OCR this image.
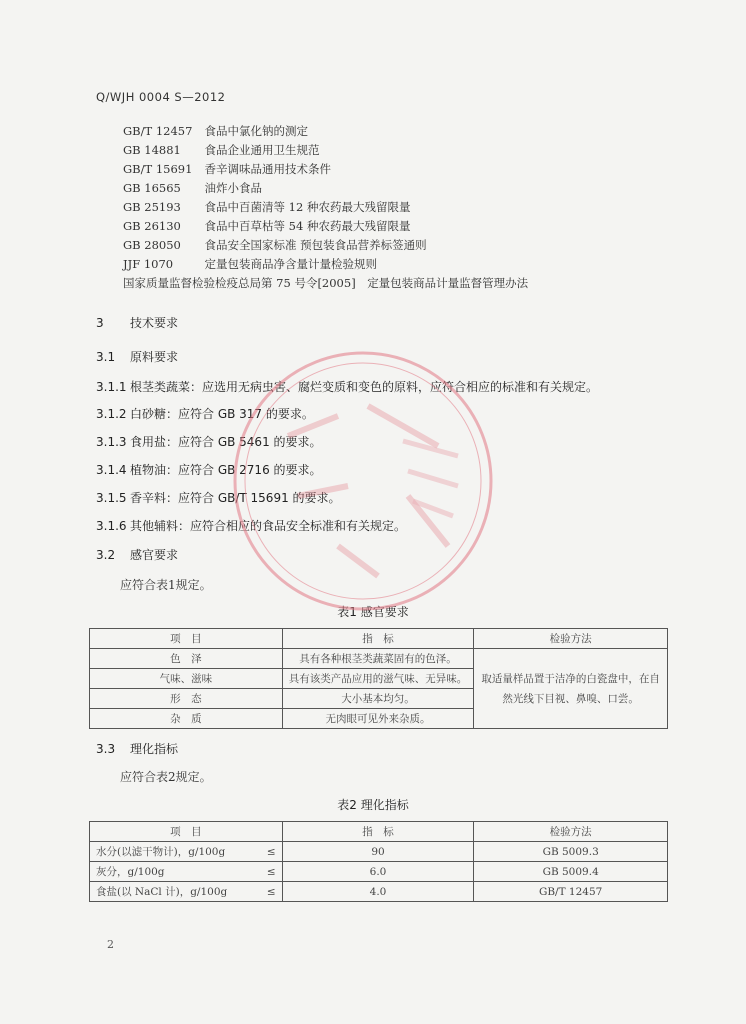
Q/WJH 0004 S—2012
GB/T 12457　 食品中氯化钠的测定
GB 14881　 食品企业通用卫生规范
GB/T 15691　 香辛调味品通用技术条件
GB 16565　 油炸小食品
GB 25193　 食品中百菌清等 12 种农药最大残留限量
GB 26130　 食品中百草枯等 54 种农药最大残留限量
GB 28050　 食品安全国家标准 预包装食品营养标签通则
JJF 1070　	定量包装商品净含量计量检验规则
国家质量监督检验检疫总局第 75 号令[2005]　 定量包装商品计量监督管理办法
3 技术要求
3.1 原料要求
3.1.1 根茎类蔬菜：应选用无病虫害、腐烂变质和变色的原料，应符合相应的标准和有关规定。
3.1.2 白砂糖：应符合 GB 317 的要求。
3.1.3 食用盐：应符合 GB 5461 的要求。
3.1.4 植物油：应符合 GB 2716 的要求。
3.1.5 香辛料：应符合 GB/T 15691 的要求。
3.1.6 其他辅料：应符合相应的食品安全标准和有关规定。
3.2 感官要求
应符合表1规定。
表1 感官要求
项　目	指　标	检验方法
色　泽	具有各种根茎类蔬菜固有的色泽。	取适量样品置于洁净的白瓷盘中，在自然光线下目视、鼻嗅、口尝。
气味、滋味	具有该类产品应用的滋气味、无异味。	
形　态	大小基本均匀。	
杂　质	无肉眼可见外来杂质。	
3.3 理化指标
应符合表2规定。
表2 理化指标
项　目		指　标	检验方法
水分(以滤干物计)，g/100g	≤	90	GB 5009.3
灰分，g/100g	≤	6.0	GB 5009.4
食盐(以 NaCl 计)，g/100g	≤	4.0	GB/T 12457
2
